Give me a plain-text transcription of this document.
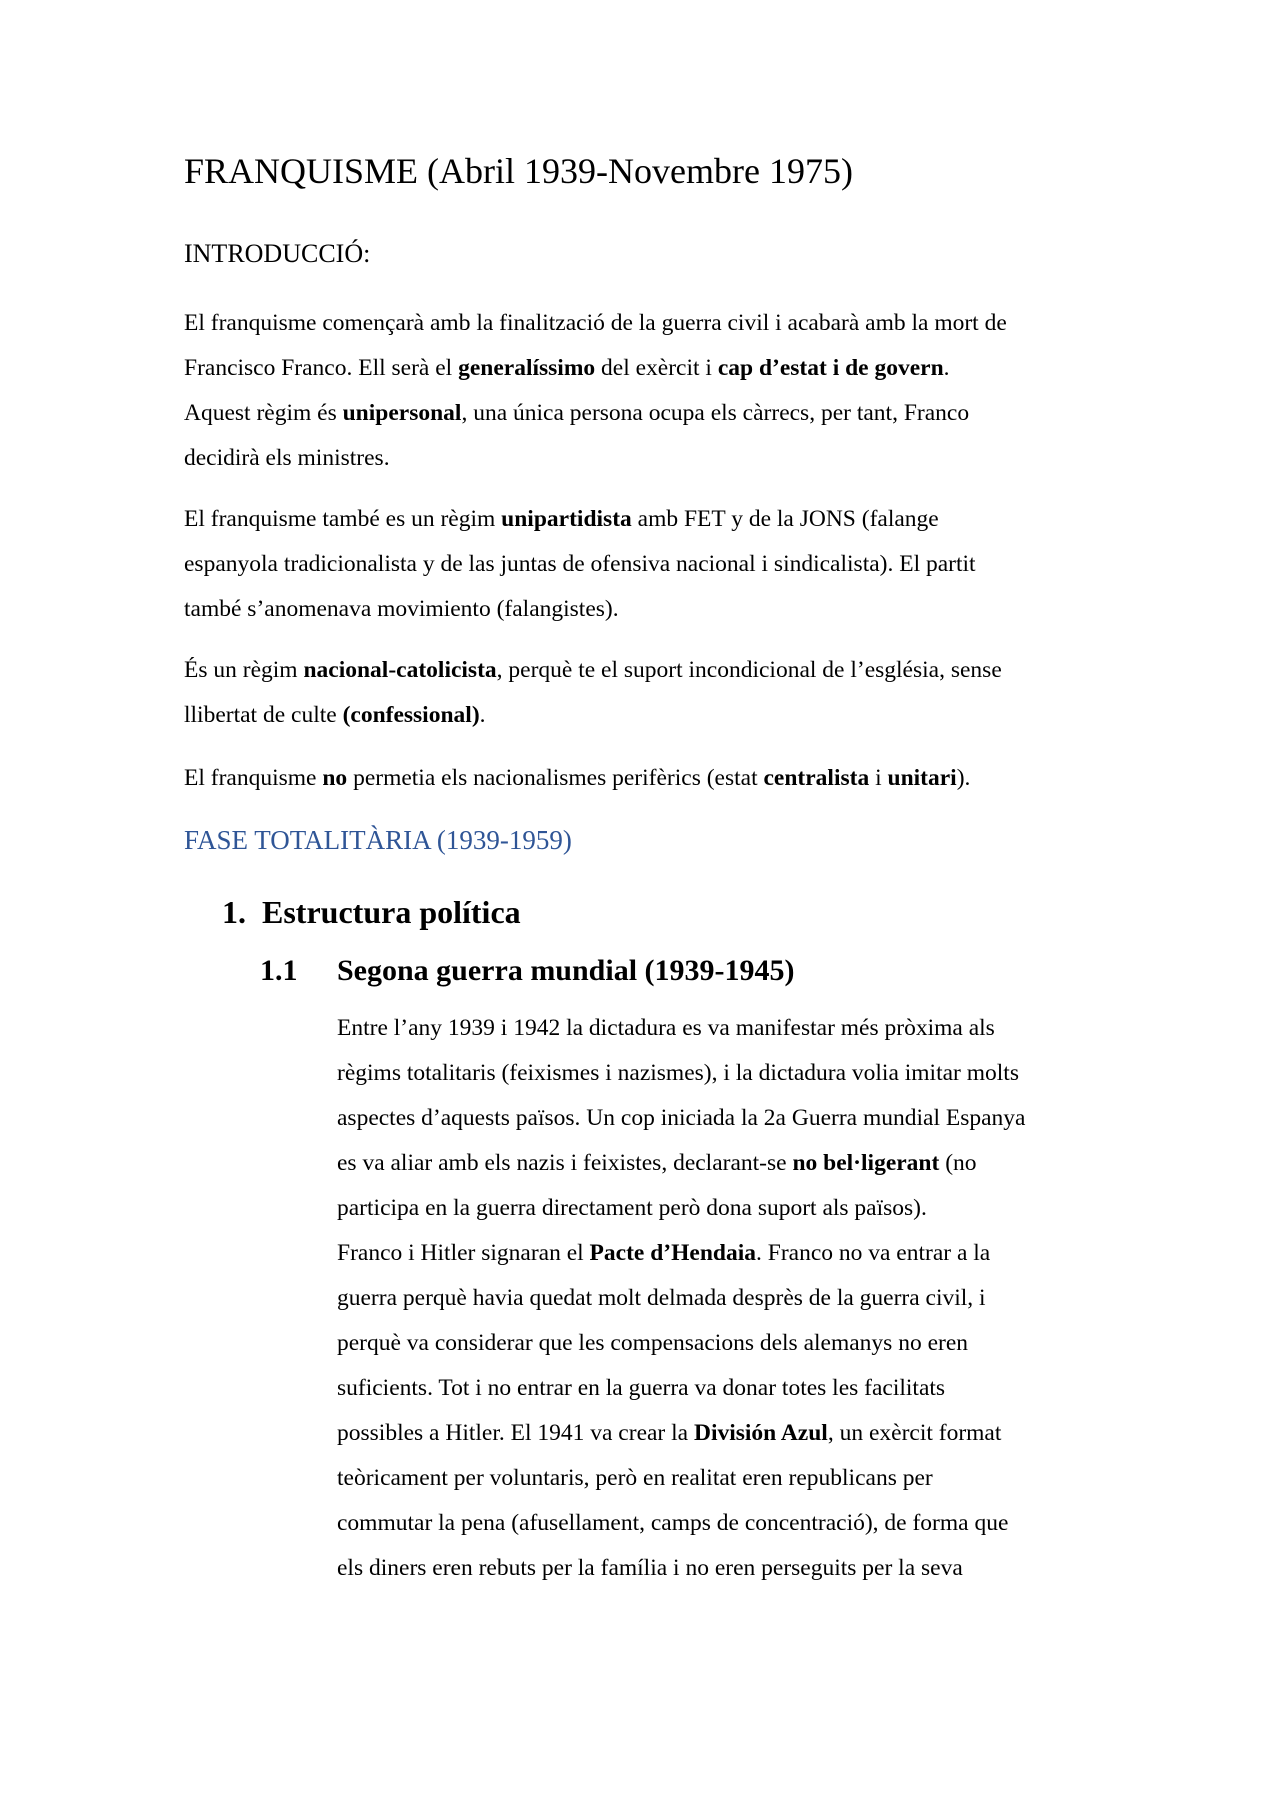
FRANQUISME (Abril 1939-Novembre 1975)
INTRODUCCIÓ:

El franquisme començarà amb la finalització de la guerra civil i acabarà amb la mort de
Francisco Franco. Ell serà el generalíssimo del exèrcit i cap d’estat i de govern.
Aquest règim és unipersonal, una única persona ocupa els càrrecs, per tant, Franco
decidirà els ministres.

El franquisme també es un règim unipartidista amb FET y de la JONS (falange
espanyola tradicionalista y de las juntas de ofensiva nacional i sindicalista). El partit
també s’anomenava movimiento (falangistes).

És un règim nacional-catolicista, perquè te el suport incondicional de l’església, sense
llibertat de culte (confessional).

El franquisme no permetia els nacionalismes perifèrics (estat centralista i unitari).

FASE TOTALITÀRIA (1939-1959)
1. Estructura política
1.1 Segona guerra mundial (1939-1945)

Entre l’any 1939 i 1942 la dictadura es va manifestar més pròxima als
règims totalitaris (feixismes i nazismes), i la dictadura volia imitar molts
aspectes d’aquests països. Un cop iniciada la 2a Guerra mundial Espanya
es va aliar amb els nazis i feixistes, declarant-se no bel·ligerant (no
participa en la guerra directament però dona suport als països).
Franco i Hitler signaran el Pacte d’Hendaia. Franco no va entrar a la
guerra perquè havia quedat molt delmada desprès de la guerra civil, i
perquè va considerar que les compensacions dels alemanys no eren
suficients. Tot i no entrar en la guerra va donar totes les facilitats
possibles a Hitler. El 1941 va crear la División Azul, un exèrcit format
teòricament per voluntaris, però en realitat eren republicans per
commutar la pena (afusellament, camps de concentració), de forma que
els diners eren rebuts per la família i no eren perseguits per la seva
